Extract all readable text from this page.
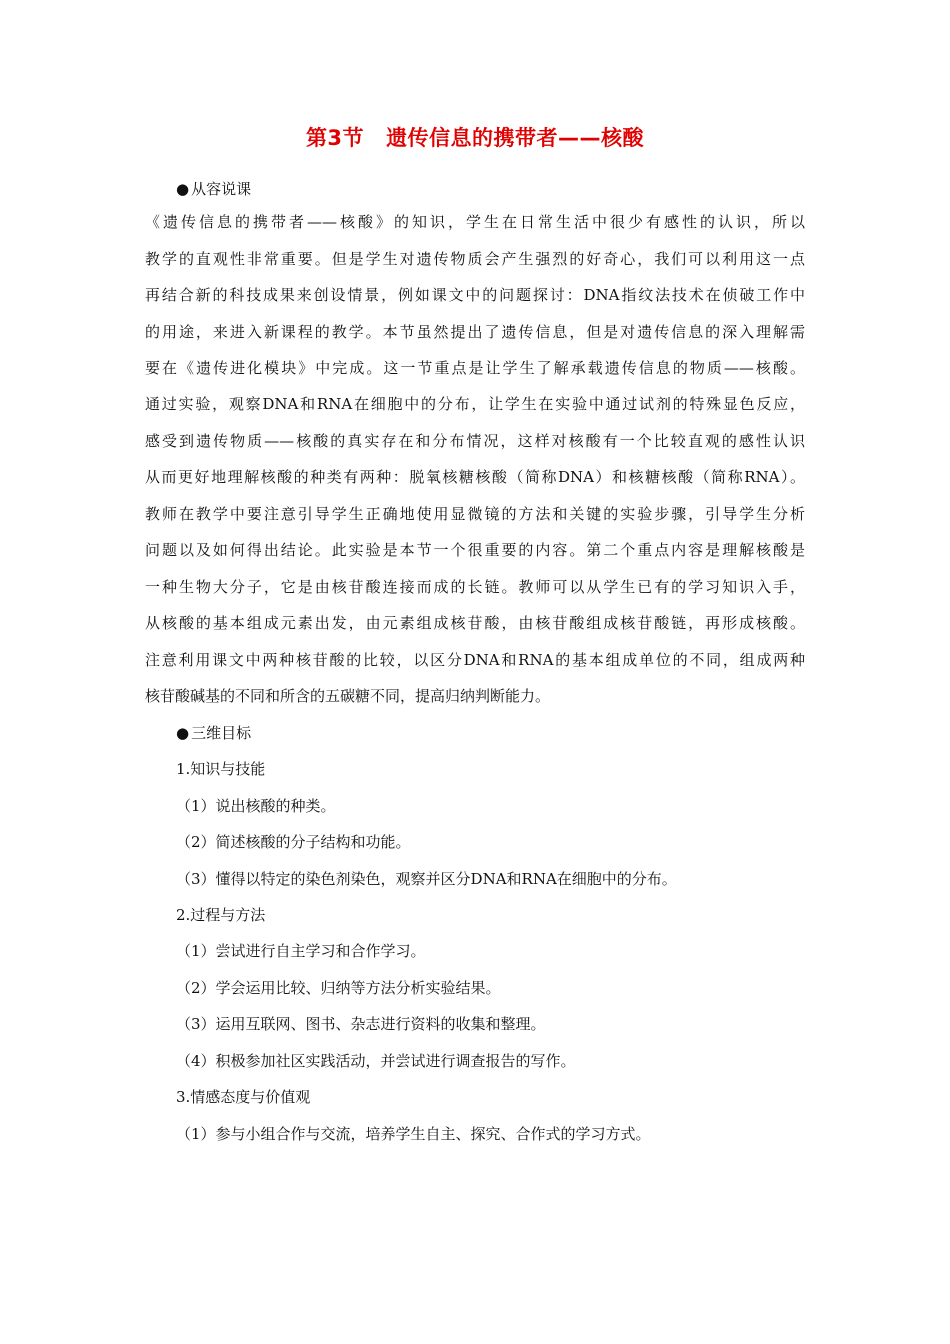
第3节 遗传信息的携带者——核酸
● 从容说课
《遗传信息的携带者——核酸》的知识，学生在日常生活中很少有感性的认识，所以
教学的直观性非常重要。但是学生对遗传物质会产生强烈的好奇心，我们可以利用这一点
再结合新的科技成果来创设情景，例如课文中的问题探讨：DNA指纹法技术在侦破工作中
的用途，来进入新课程的教学。本节虽然提出了遗传信息，但是对遗传信息的深入理解需
要在《遗传进化模块》中完成。这一节重点是让学生了解承载遗传信息的物质——核酸。
通过实验，观察DNA和RNA在细胞中的分布，让学生在实验中通过试剂的特殊显色反应，
感受到遗传物质——核酸的真实存在和分布情况，这样对核酸有一个比较直观的感性认识
从而更好地理解核酸的种类有两种：脱氧核糖核酸（简称DNA）和核糖核酸（简称RNA）。
教师在教学中要注意引导学生正确地使用显微镜的方法和关键的实验步骤，引导学生分析
问题以及如何得出结论。此实验是本节一个很重要的内容。第二个重点内容是理解核酸是
一种生物大分子，它是由核苷酸连接而成的长链。教师可以从学生已有的学习知识入手，
从核酸的基本组成元素出发，由元素组成核苷酸，由核苷酸组成核苷酸链，再形成核酸。
注意利用课文中两种核苷酸的比较，以区分DNA和RNA的基本组成单位的不同，组成两种
核苷酸碱基的不同和所含的五碳糖不同，提高归纳判断能力。
● 三维目标
1.知识与技能
（1）说出核酸的种类。
（2）简述核酸的分子结构和功能。
（3）懂得以特定的染色剂染色，观察并区分DNA和RNA在细胞中的分布。
2.过程与方法
（1）尝试进行自主学习和合作学习。
（2）学会运用比较、归纳等方法分析实验结果。
（3）运用互联网、图书、杂志进行资料的收集和整理。
（4）积极参加社区实践活动，并尝试进行调查报告的写作。
3.情感态度与价值观
（1）参与小组合作与交流，培养学生自主、探究、合作式的学习方式。
